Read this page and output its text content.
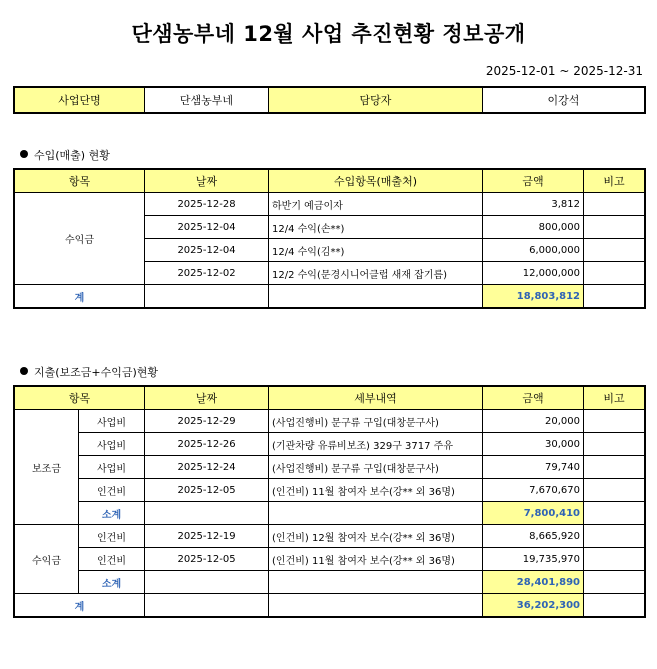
단샘농부네 12월 사업 추진현황 정보공개
2025-12-01 ~ 2025-12-31
사업단명	단샘농부네	담당자	이강석
수입(매출) 현황
항목	날짜	수입항목(매출처)	금액	비고
수익금	2025-12-28	하반기 예금이자	3,812	
	2025-12-04	12/4 수익(손**)	800,000	
	2025-12-04	12/4 수익(김**)	6,000,000	
	2025-12-02	12/2 수익(문경시니어클럽 새재 잡기름)	12,000,000	
계			18,803,812	
지출(보조금+수익금)현황
항목		날짜	세부내역	금액	비고
보조금	사업비	2025-12-29	(사업진행비) 문구류 구입(대창문구사)	20,000	
	사업비	2025-12-26	(기관차량 유류비보조) 329구 3717 주유	30,000	
	사업비	2025-12-24	(사업진행비) 문구류 구입(대창문구사)	79,740	
	인건비	2025-12-05	(인건비) 11월 참여자 보수(강** 외 36명)	7,670,670	
	소계			7,800,410	
수익금	인건비	2025-12-19	(인건비) 12월 참여자 보수(강** 외 36명)	8,665,920	
	인건비	2025-12-05	(인건비) 11월 참여자 보수(강** 외 36명)	19,735,970	
	소계			28,401,890	
계				36,202,300	
